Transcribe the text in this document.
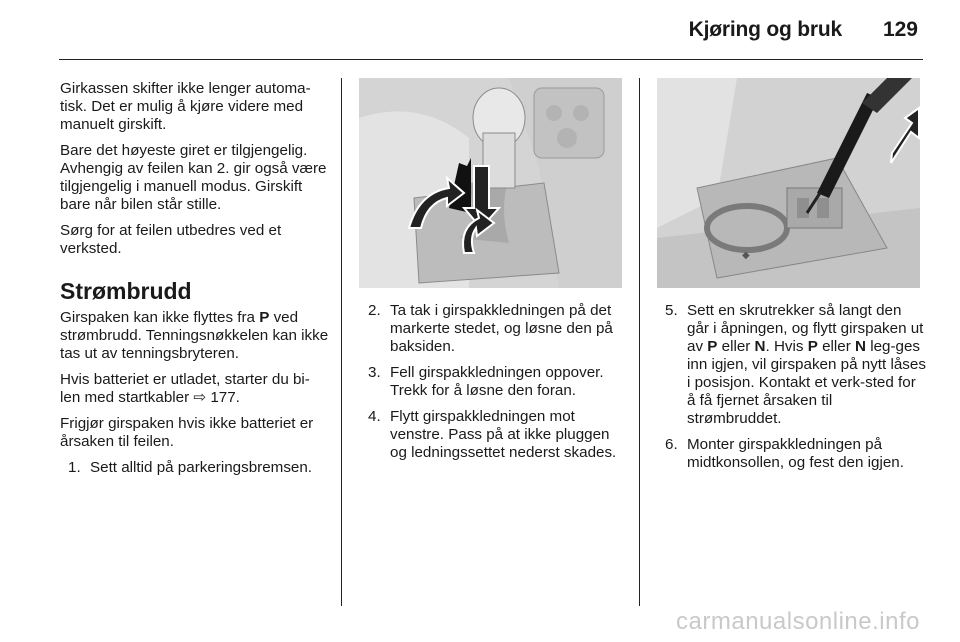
Kjøring og bruk 129

Girkassen skifter ikke lenger automa-tisk. Det er mulig å kjøre videre med manuelt girskift.

Bare det høyeste giret er tilgjengelig. Avhengig av feilen kan 2. gir også være tilgjengelig i manuell modus. Girskift bare når bilen står stille.

Sørg for at feilen utbedres ved et verksted.

Strømbrudd

Girspaken kan ikke flyttes fra P ved strømbrudd. Tenningsnøkkelen kan ikke tas ut av tenningsbryteren.

Hvis batteriet er utladet, starter du bi-len med startkabler ⇨ 177.

Frigjør girspaken hvis ikke batteriet er årsaken til feilen.

1. Sett alltid på parkeringsbremsen.
2. Ta tak i girspakkledningen på det markerte stedet, og løsne den på baksiden.
3. Fell girspakkledningen oppover. Trekk for å løsne den foran.
4. Flytt girspakkledningen mot venstre. Pass på at ikke pluggen og ledningssettet nederst skades.
◆
5. Sett en skrutrekker så langt den går i åpningen, og flytt girspaken ut av P eller N. Hvis P eller N leg-ges inn igjen, vil girspaken på nytt låses i posisjon. Kontakt et verk-sted for å få fjernet årsaken til strømbruddet.
6. Monter girspakkledningen på midtkonsollen, og fest den igjen.
carmanualsonline.info
